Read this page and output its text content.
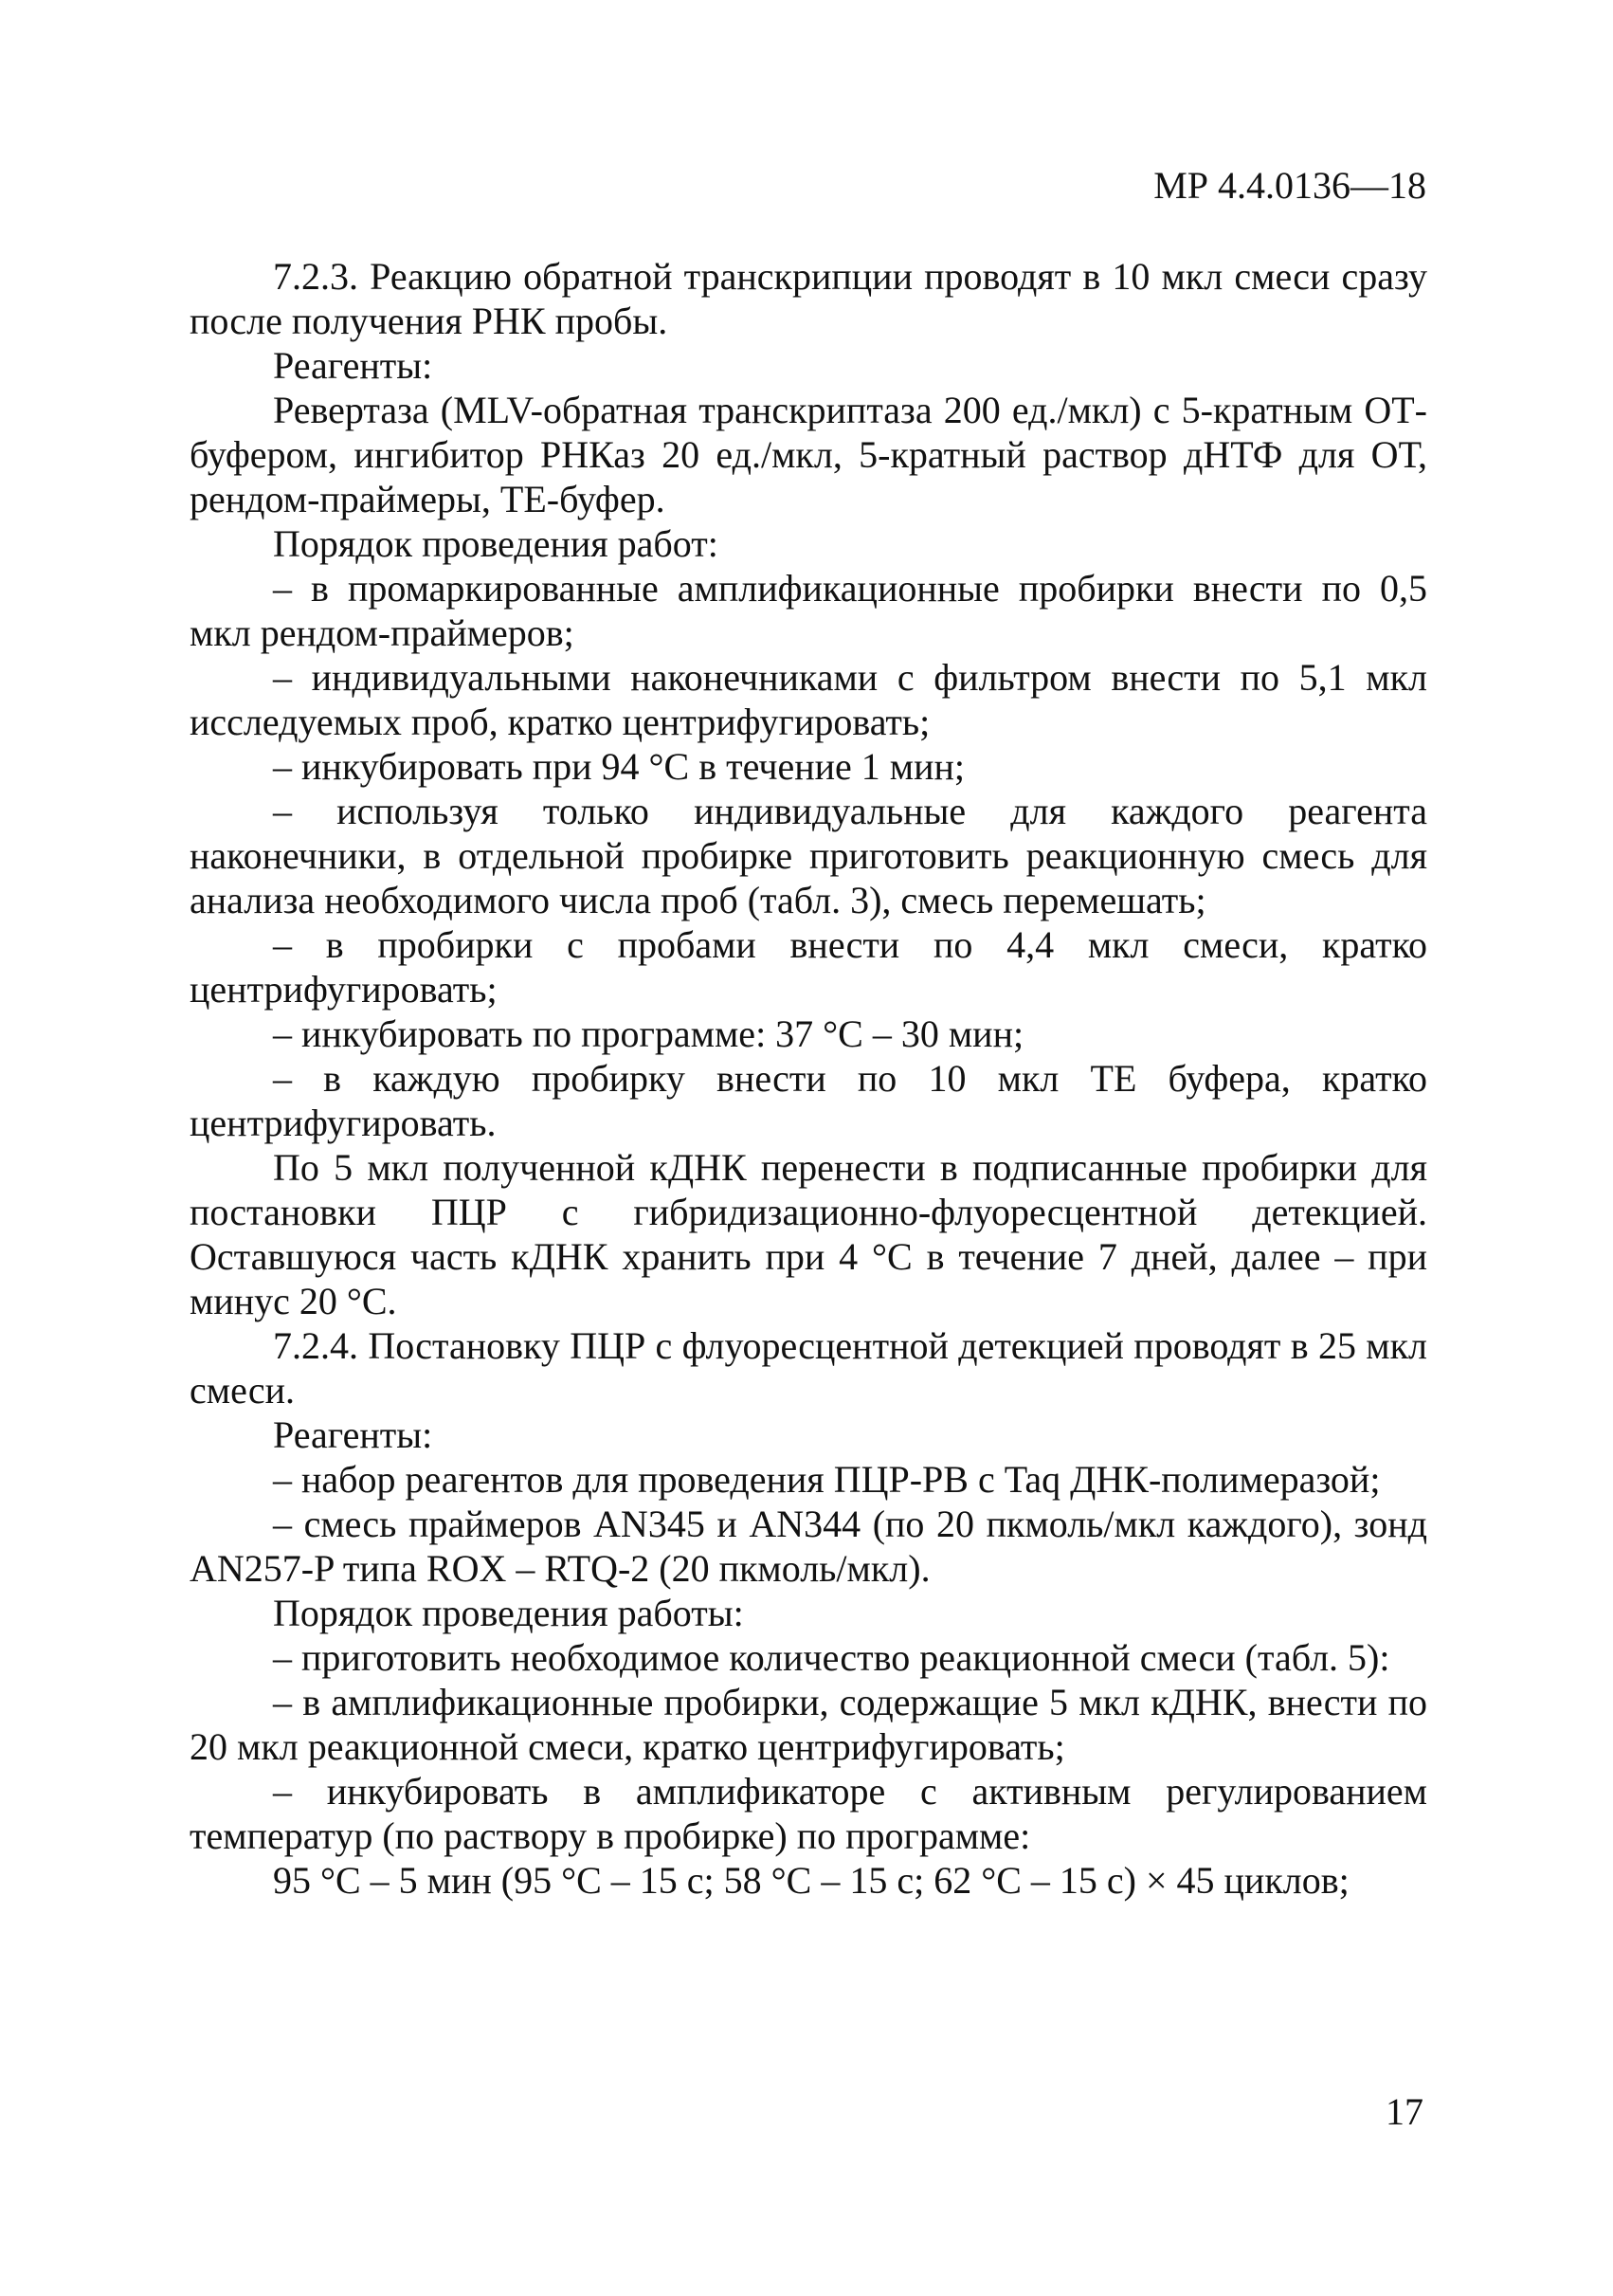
МР 4.4.0136—18

7.2.3. Реакцию обратной транскрипции проводят в 10 мкл смеси сразу после получения РНК пробы.

Реагенты:

Ревертаза (MLV-обратная транскриптаза 200 ед./мкл) с 5-кратным ОТ-буфером, ингибитор РНКаз 20 ед./мкл, 5-кратный раствор дНТФ для ОТ, рендом-праймеры, ТЕ-буфер.

Порядок проведения работ:

– в промаркированные амплификационные пробирки внести по 0,5 мкл рендом-праймеров;

– индивидуальными наконечниками с фильтром внести по 5,1 мкл исследуемых проб, кратко центрифугировать;

– инкубировать при 94 °С в течение 1 мин;

– используя только индивидуальные для каждого реагента наконечники, в отдельной пробирке приготовить реакционную смесь для анализа необходимого числа проб (табл. 3), смесь перемешать;

– в пробирки с пробами внести по 4,4 мкл смеси, кратко центрифугировать;

– инкубировать по программе: 37 °С – 30 мин;

– в каждую пробирку внести по 10 мкл ТЕ буфера, кратко центрифугировать.

По 5 мкл полученной кДНК перенести в подписанные пробирки для постановки ПЦР с гибридизационно-флуоресцентной детекцией. Оставшуюся часть кДНК хранить при 4 °С в течение 7 дней, далее – при минус 20 °С.

7.2.4. Постановку ПЦР с флуоресцентной детекцией проводят в 25 мкл смеси.

Реагенты:

– набор реагентов для проведения ПЦР-РВ с Taq ДНК-полимеразой;

– смесь праймеров AN345 и AN344 (по 20 пкмоль/мкл каждого), зонд AN257-P типа ROX – RTQ-2 (20 пкмоль/мкл).

Порядок проведения работы:

– приготовить необходимое количество реакционной смеси (табл. 5):

– в амплификационные пробирки, содержащие 5 мкл кДНК, внести по 20 мкл реакционной смеси, кратко центрифугировать;

– инкубировать в амплификаторе с активным регулированием температур (по раствору в пробирке) по программе:

95 °С – 5 мин (95 °С – 15 с; 58 °С – 15 с; 62 °С – 15 с) × 45 циклов;

17
